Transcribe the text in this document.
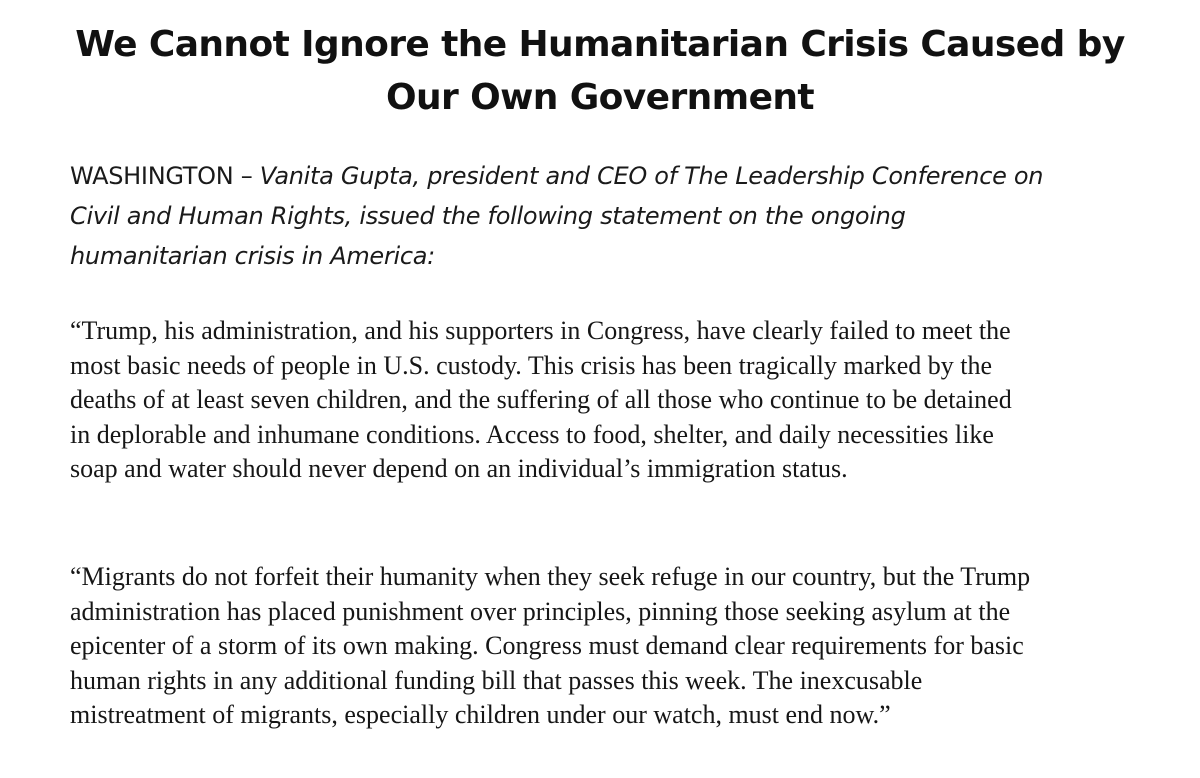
We Cannot Ignore the Humanitarian Crisis Caused by
Our Own Government

WASHINGTON – Vanita Gupta, president and CEO of The Leadership Conference on
Civil and Human Rights, issued the following statement on the ongoing
humanitarian crisis in America:

“Trump, his administration, and his supporters in Congress, have clearly failed to meet the
most basic needs of people in U.S. custody. This crisis has been tragically marked by the
deaths of at least seven children, and the suffering of all those who continue to be detained
in deplorable and inhumane conditions. Access to food, shelter, and daily necessities like
soap and water should never depend on an individual’s immigration status.

“Migrants do not forfeit their humanity when they seek refuge in our country, but the Trump
administration has placed punishment over principles, pinning those seeking asylum at the
epicenter of a storm of its own making. Congress must demand clear requirements for basic
human rights in any additional funding bill that passes this week. The inexcusable
mistreatment of migrants, especially children under our watch, must end now.”
